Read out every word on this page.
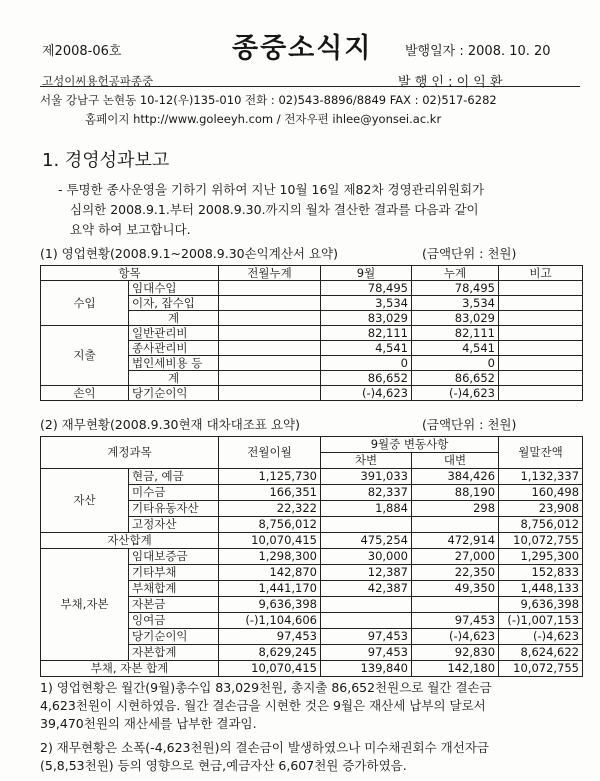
제2008-06호	종중소식지	발행일자 : 2008. 10. 20
고성이씨용헌공파종중	발 행 인 : 이 익 환
서울 강남구 논현동 10-12(우)135-010 전화 : 02)543-8896/8849 FAX : 02)517-6282
홈페이지 http://www.goleeyh.com / 전자우편 ihlee@yonsei.ac.kr
1. 경영성과보고
- 투명한 종사운영을 기하기 위하여 지난 10월 16일 제82차 경영관리위원회가
심의한 2008.9.1.부터 2008.9.30.까지의 월차 결산한 결과를 다음과 같이
요약 하여 보고합니다.
(1) 영업현황(2008.9.1~2008.9.30손익계산서 요약)	(금액단위 : 천원)
항목		전월누계	9월	누계	비고
수입	임대수입		78,495	78,495	
	이자, 잡수입		3,534	3,534	
	계		83,029	83,029	
지출	일반관리비		82,111	82,111	
	종사관리비		4,541	4,541	
	법인세비용 등		0	0	
	계		86,652	86,652	
손익	당기순이익		(-)4,623	(-)4,623	
(2) 재무현황(2008.9.30현재 대차대조표 요약)	(금액단위 : 천원)
계정과목		전월이월	9월중 변동사항		월말잔액
			차변	대변	
자산	현금, 예금	1,125,730	391,033	384,426	1,132,337
	미수금	166,351	82,337	88,190	160,498
	기타유동자산	22,322	1,884	298	23,908
	고정자산	8,756,012			8,756,012
자산합계		10,070,415	475,254	472,914	10,072,755
부채,자본	임대보증금	1,298,300	30,000	27,000	1,295,300
	기타부채	142,870	12,387	22,350	152,833
	부채합계	1,441,170	42,387	49,350	1,448,133
	자본금	9,636,398			9,636,398
	잉여금	(-)1,104,606		97,453	(-)1,007,153
	당기순이익	97,453	97,453	(-)4,623	(-)4,623
	자본합계	8,629,245	97,453	92,830	8,624,622
부채, 자본 합계		10,070,415	139,840	142,180	10,072,755
1) 영업현황은 월간(9월)총수입 83,029천원, 총지출 86,652천원으로 월간 결손금
4,623천원이 시현하였음. 월간 결손금을 시현한 것은 9월은 재산세 납부의 달로서
39,470천원의 재산세를 납부한 결과임.
2) 재무현황은 소폭(-4,623천원)의 결손금이 발생하였으나 미수채권회수 개선자금
(5,8,53천원) 등의 영향으로 현금,예금자산 6,607천원 증가하였음.
